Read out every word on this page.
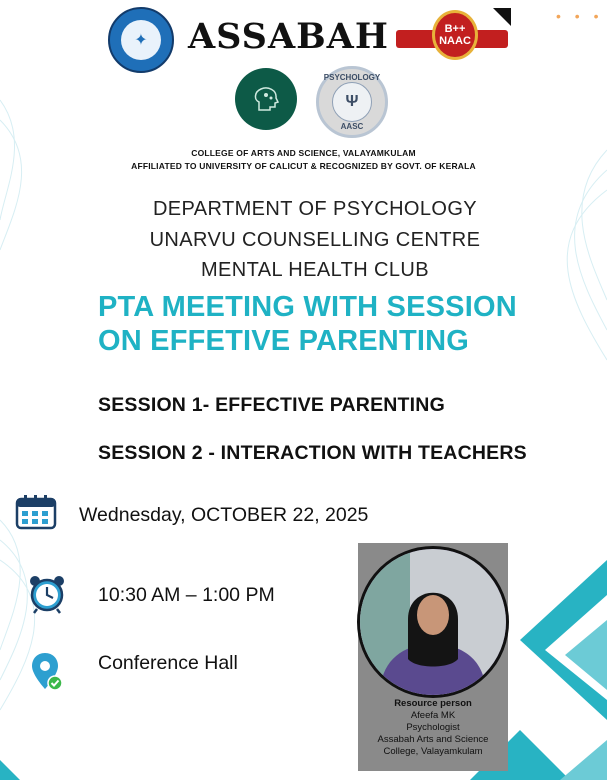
✦	ASSABAH	B++
NAAC
• • •
PSYCHOLOGY
Ψ
AASC
COLLEGE OF ARTS AND SCIENCE, VALAYAMKULAM
AFFILIATED TO UNIVERSITY OF CALICUT & RECOGNIZED BY GOVT. OF KERALA
DEPARTMENT OF PSYCHOLOGY
UNARVU COUNSELLING CENTRE
MENTAL HEALTH CLUB
PTA MEETING WITH SESSION
ON EFFETIVE PARENTING
SESSION 1- EFFECTIVE PARENTING
SESSION 2 - INTERACTION WITH TEACHERS
Wednesday, OCTOBER 22, 2025
10:30 AM – 1:00 PM
Conference Hall
Resource person
Afeefa MK
Psychologist
Assabah Arts and Science
College, Valayamkulam
